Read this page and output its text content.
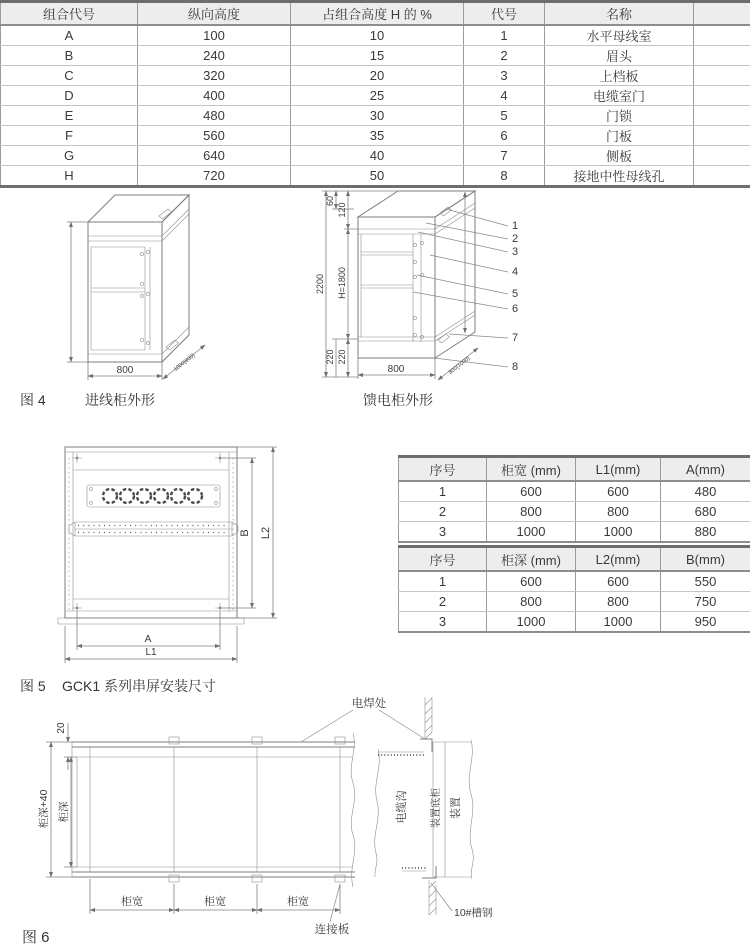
组合代号	纵向高度	占组合高度 H 的 %	代号	名称	
A	100	10	1	水平母线室	
B	240	15	2	眉头	
C	320	20	3	上档板	
D	400	25	4	电缆室门	
E	480	30	5	门锁	
F	560	35	6	门板	
G	640	40	7	侧板	
H	720	50	8	接地中性母线孔	
800	1000(800)
2200
60
120
H=1800
220
220
800	800(1000)
1
2
3
4
5
6
7
8
图 4	进线柜外形	馈电柜外形
B L2
A
L1
序号	柜宽 (mm)	L1(mm)	A(mm)
1	600	600	480
2	800	800	680
3	1000	1000	880
序号	柜深 (mm)	L2(mm)	B(mm)
1	600	600	550
2	800	800	750
3	1000	1000	950
图 5 GCK1 系列串屏安装尺寸
电缆沟 装置底柜 装置
电焊处
连接板
10#槽钢
柜深+40 柜深
20
柜宽	柜宽	柜宽
图 6
